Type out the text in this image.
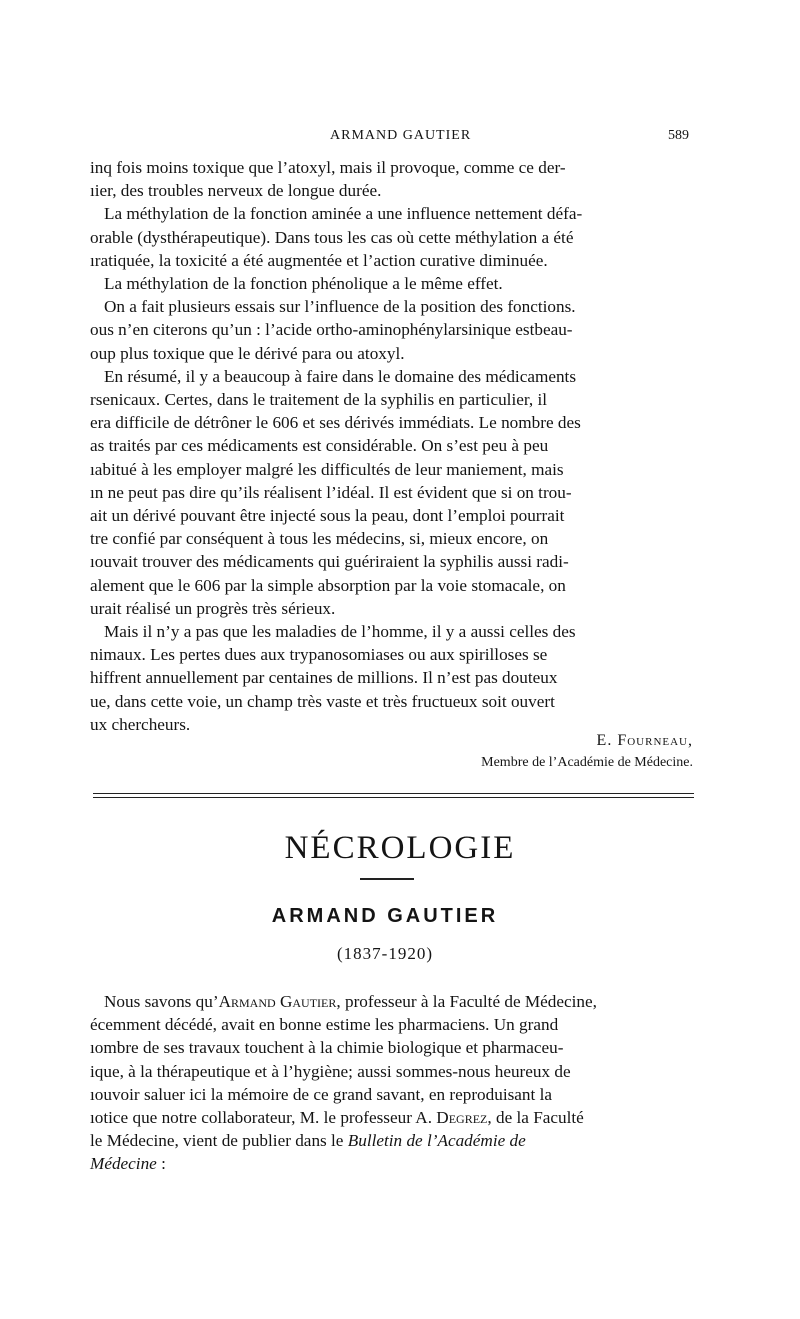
ARMAND GAUTIER	589

inq fois moins toxique que l’atoxyl, mais il provoque, comme ce der-

ıier, des troubles nerveux de longue durée.

La méthylation de la fonction aminée a une influence nettement défa-

orable (dysthérapeutique). Dans tous les cas où cette méthylation a été

ıratiquée, la toxicité a été augmentée et l’action curative diminuée.

La méthylation de la fonction phénolique a le même effet.

On a fait plusieurs essais sur l’influence de la position des fonctions.

ous n’en citerons qu’un : l’acide ortho-aminophénylarsinique estbeau-

oup plus toxique que le dérivé para ou atoxyl.

En résumé, il y a beaucoup à faire dans le domaine des médicaments

rsenicaux. Certes, dans le traitement de la syphilis en particulier, il

era difficile de détrôner le 606 et ses dérivés immédiats. Le nombre des

as traités par ces médicaments est considérable. On s’est peu à peu

ıabitué à les employer malgré les difficultés de leur maniement, mais

ın ne peut pas dire qu’ils réalisent l’idéal. Il est évident que si on trou-

ait un dérivé pouvant être injecté sous la peau, dont l’emploi pourrait

tre confié par conséquent à tous les médecins, si, mieux encore, on

ıouvait trouver des médicaments qui guériraient la syphilis aussi radi-

alement que le 606 par la simple absorption par la voie stomacale, on

urait réalisé un progrès très sérieux.

Mais il n’y a pas que les maladies de l’homme, il y a aussi celles des

nimaux. Les pertes dues aux trypanosomiases ou aux spirilloses se

hiffrent annuellement par centaines de millions. Il n’est pas douteux

ue, dans cette voie, un champ très vaste et très fructueux soit ouvert

ux chercheurs.

E. Fourneau,
Membre de l’Académie de Médecine.
NÉCROLOGIE
ARMAND GAUTIER
(1837-1920)

Nous savons qu’Armand Gautier, professeur à la Faculté de Médecine,

écemment décédé, avait en bonne estime les pharmaciens. Un grand

ıombre de ses travaux touchent à la chimie biologique et pharmaceu-

ique, à la thérapeutique et à l’hygiène; aussi sommes-nous heureux de

ıouvoir saluer ici la mémoire de ce grand savant, en reproduisant la

ıotice que notre collaborateur, M. le professeur A. Degrez, de la Faculté

le Médecine, vient de publier dans le Bulletin de l’Académie de

Médecine :
